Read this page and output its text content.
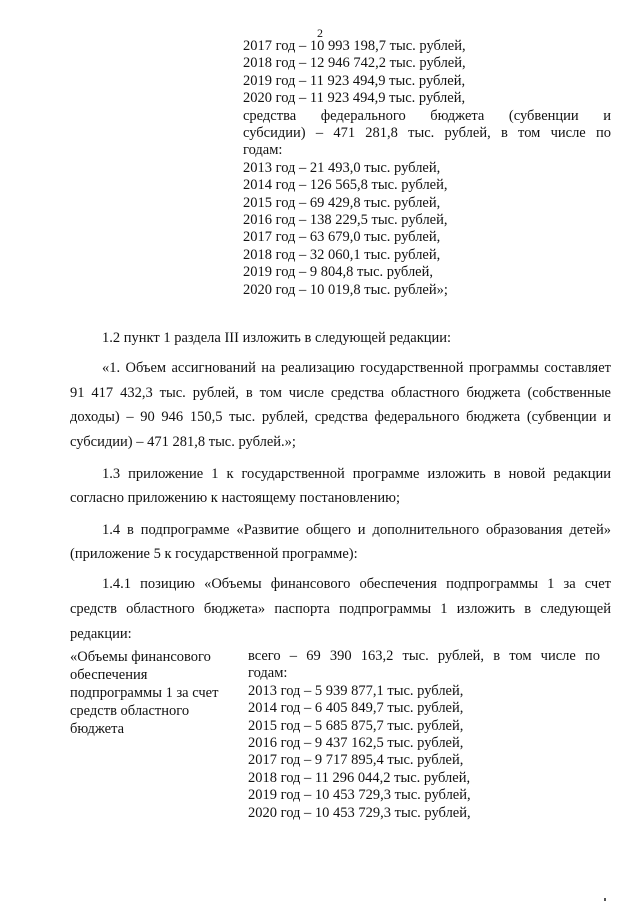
2
2017 год – 10 993 198,7 тыс. рублей,
2018 год – 12 946 742,2 тыс. рублей,
2019 год – 11 923 494,9 тыс. рублей,
2020 год – 11 923 494,9 тыс. рублей,
средства федерального бюджета (субвенции и
субсидии) – 471 281,8 тыс. рублей, в том числе по
годам:
2013 год – 21 493,0 тыс. рублей,
2014 год – 126 565,8 тыс. рублей,
2015 год – 69 429,8 тыс. рублей,
2016 год – 138 229,5 тыс. рублей,
2017 год – 63 679,0 тыс. рублей,
2018 год – 32 060,1 тыс. рублей,
2019 год – 9 804,8 тыс. рублей,
2020 год – 10 019,8 тыс. рублей»;
1.2 пункт 1 раздела III изложить в следующей редакции:
«1. Объем ассигнований на реализацию государственной программы составляет 91 417 432,3 тыс. рублей, в том числе средства областного бюджета (собственные доходы) – 90 946 150,5 тыс. рублей, средства федерального бюджета (субвенции и субсидии) – 471 281,8 тыс. рублей.»;
1.3 приложение 1 к государственной программе изложить в новой редакции согласно приложению к настоящему постановлению;
1.4 в подпрограмме «Развитие общего и дополнительного образования детей» (приложение 5 к государственной программе):
1.4.1 позицию «Объемы финансового обеспечения подпрограммы 1 за счет средств областного бюджета» паспорта подпрограммы 1 изложить в следующей редакции:
«Объемы финансового обеспечения подпрограммы 1 за счет средств областного бюджета
всего – 69 390 163,2 тыс. рублей, в том числе по
годам:
2013 год – 5 939 877,1 тыс. рублей,
2014 год – 6 405 849,7 тыс. рублей,
2015 год – 5 685 875,7 тыс. рублей,
2016 год – 9 437 162,5 тыс. рублей,
2017 год – 9 717 895,4 тыс. рублей,
2018 год – 11 296 044,2 тыс. рублей,
2019 год – 10 453 729,3 тыс. рублей,
2020 год – 10 453 729,3 тыс. рублей,
